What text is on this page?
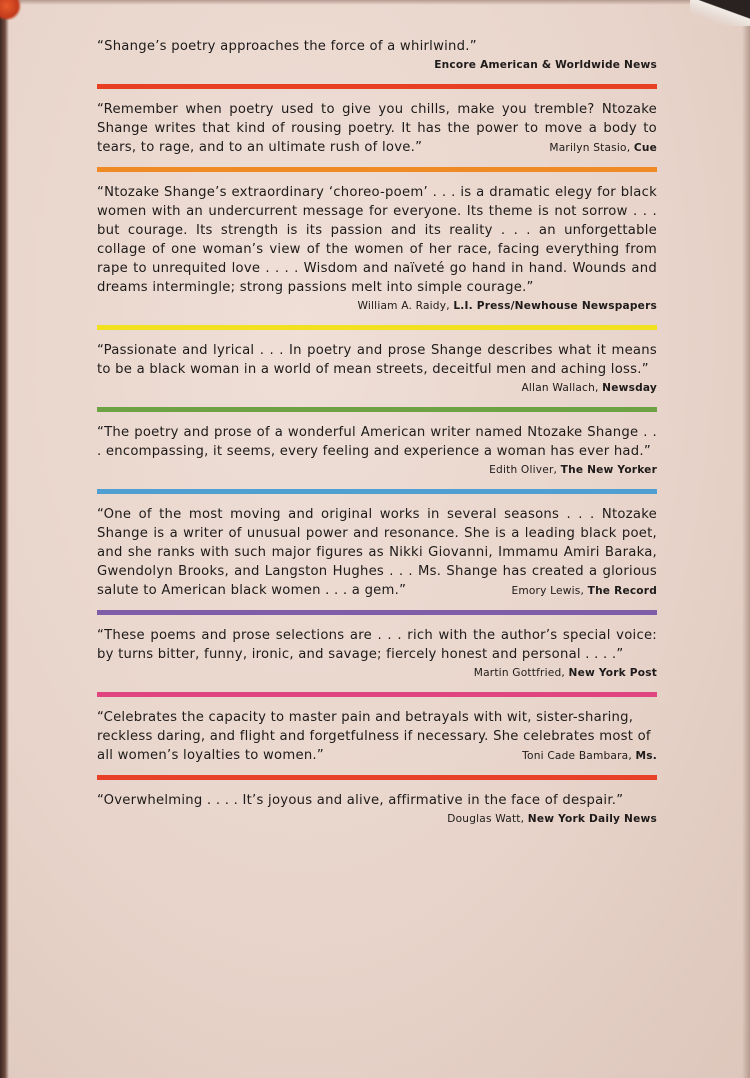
“Shange’s poetry approaches the force of a whirlwind.”

Encore American & Worldwide News

“Remember when poetry used to give you chills, make you tremble? Ntozake Shange writes that kind of rousing poetry. It has the power to move a body to tears, to rage, and to an ultimate rush of love.”	Marilyn Stasio, Cue

“Ntozake Shange’s extraordinary ‘choreo-poem’ . . . is a dramatic elegy for black women with an undercurrent message for everyone. Its theme is not sorrow . . . but courage. Its strength is its passion and its reality . . . an unforgettable collage of one woman’s view of the women of her race, facing everything from rape to unrequited love . . . . Wisdom and naïveté go hand in hand. Wounds and dreams intermingle; strong passions melt into simple courage.”

William A. Raidy, L.I. Press/Newhouse Newspapers

“Passionate and lyrical . . . In poetry and prose Shange describes what it means to be a black woman in a world of mean streets, deceitful men and aching loss.”

Allan Wallach, Newsday

“The poetry and prose of a wonderful American writer named Ntozake Shange . . . encompassing, it seems, every feeling and experience a woman has ever had.”

Edith Oliver, The New Yorker

“One of the most moving and original works in several seasons . . . Ntozake Shange is a writer of unusual power and resonance. She is a leading black poet, and she ranks with such major figures as Nikki Giovanni, Immamu Amiri Baraka, Gwendolyn Brooks, and Langston Hughes . . . Ms. Shange has created a glorious salute to American black women . . . a gem.”	Emory Lewis, The Record

“These poems and prose selections are . . . rich with the author’s special voice: by turns bitter, funny, ironic, and savage; fiercely honest and personal . . . .”

Martin Gottfried, New York Post

“Celebrates the capacity to master pain and betrayals with wit, sister-sharing, reckless daring, and flight and forgetfulness if necessary. She celebrates most of all women’s loyalties to women.”	Toni Cade Bambara, Ms.

“Overwhelming . . . . It’s joyous and alive, affirmative in the face of despair.”

Douglas Watt, New York Daily News
